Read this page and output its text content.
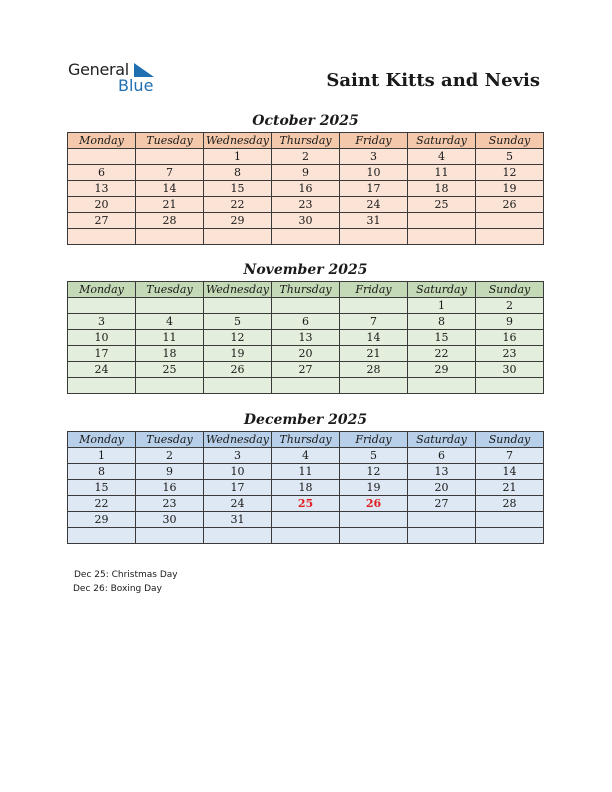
General
Blue	Saint Kitts and Nevis
October 2025
Monday	Tuesday	Wednesday	Thursday	Friday	Saturday	Sunday
		1	2	3	4	5
6	7	8	9	10	11	12
13	14	15	16	17	18	19
20	21	22	23	24	25	26
27	28	29	30	31		

November 2025
Monday	Tuesday	Wednesday	Thursday	Friday	Saturday	Sunday
					1	2
3	4	5	6	7	8	9
10	11	12	13	14	15	16
17	18	19	20	21	22	23
24	25	26	27	28	29	30

December 2025
Monday	Tuesday	Wednesday	Thursday	Friday	Saturday	Sunday
1	2	3	4	5	6	7
8	9	10	11	12	13	14
15	16	17	18	19	20	21
22	23	24	25	26	27	28
29	30	31				

Dec 25: Christmas Day
Dec 26: Boxing Day
